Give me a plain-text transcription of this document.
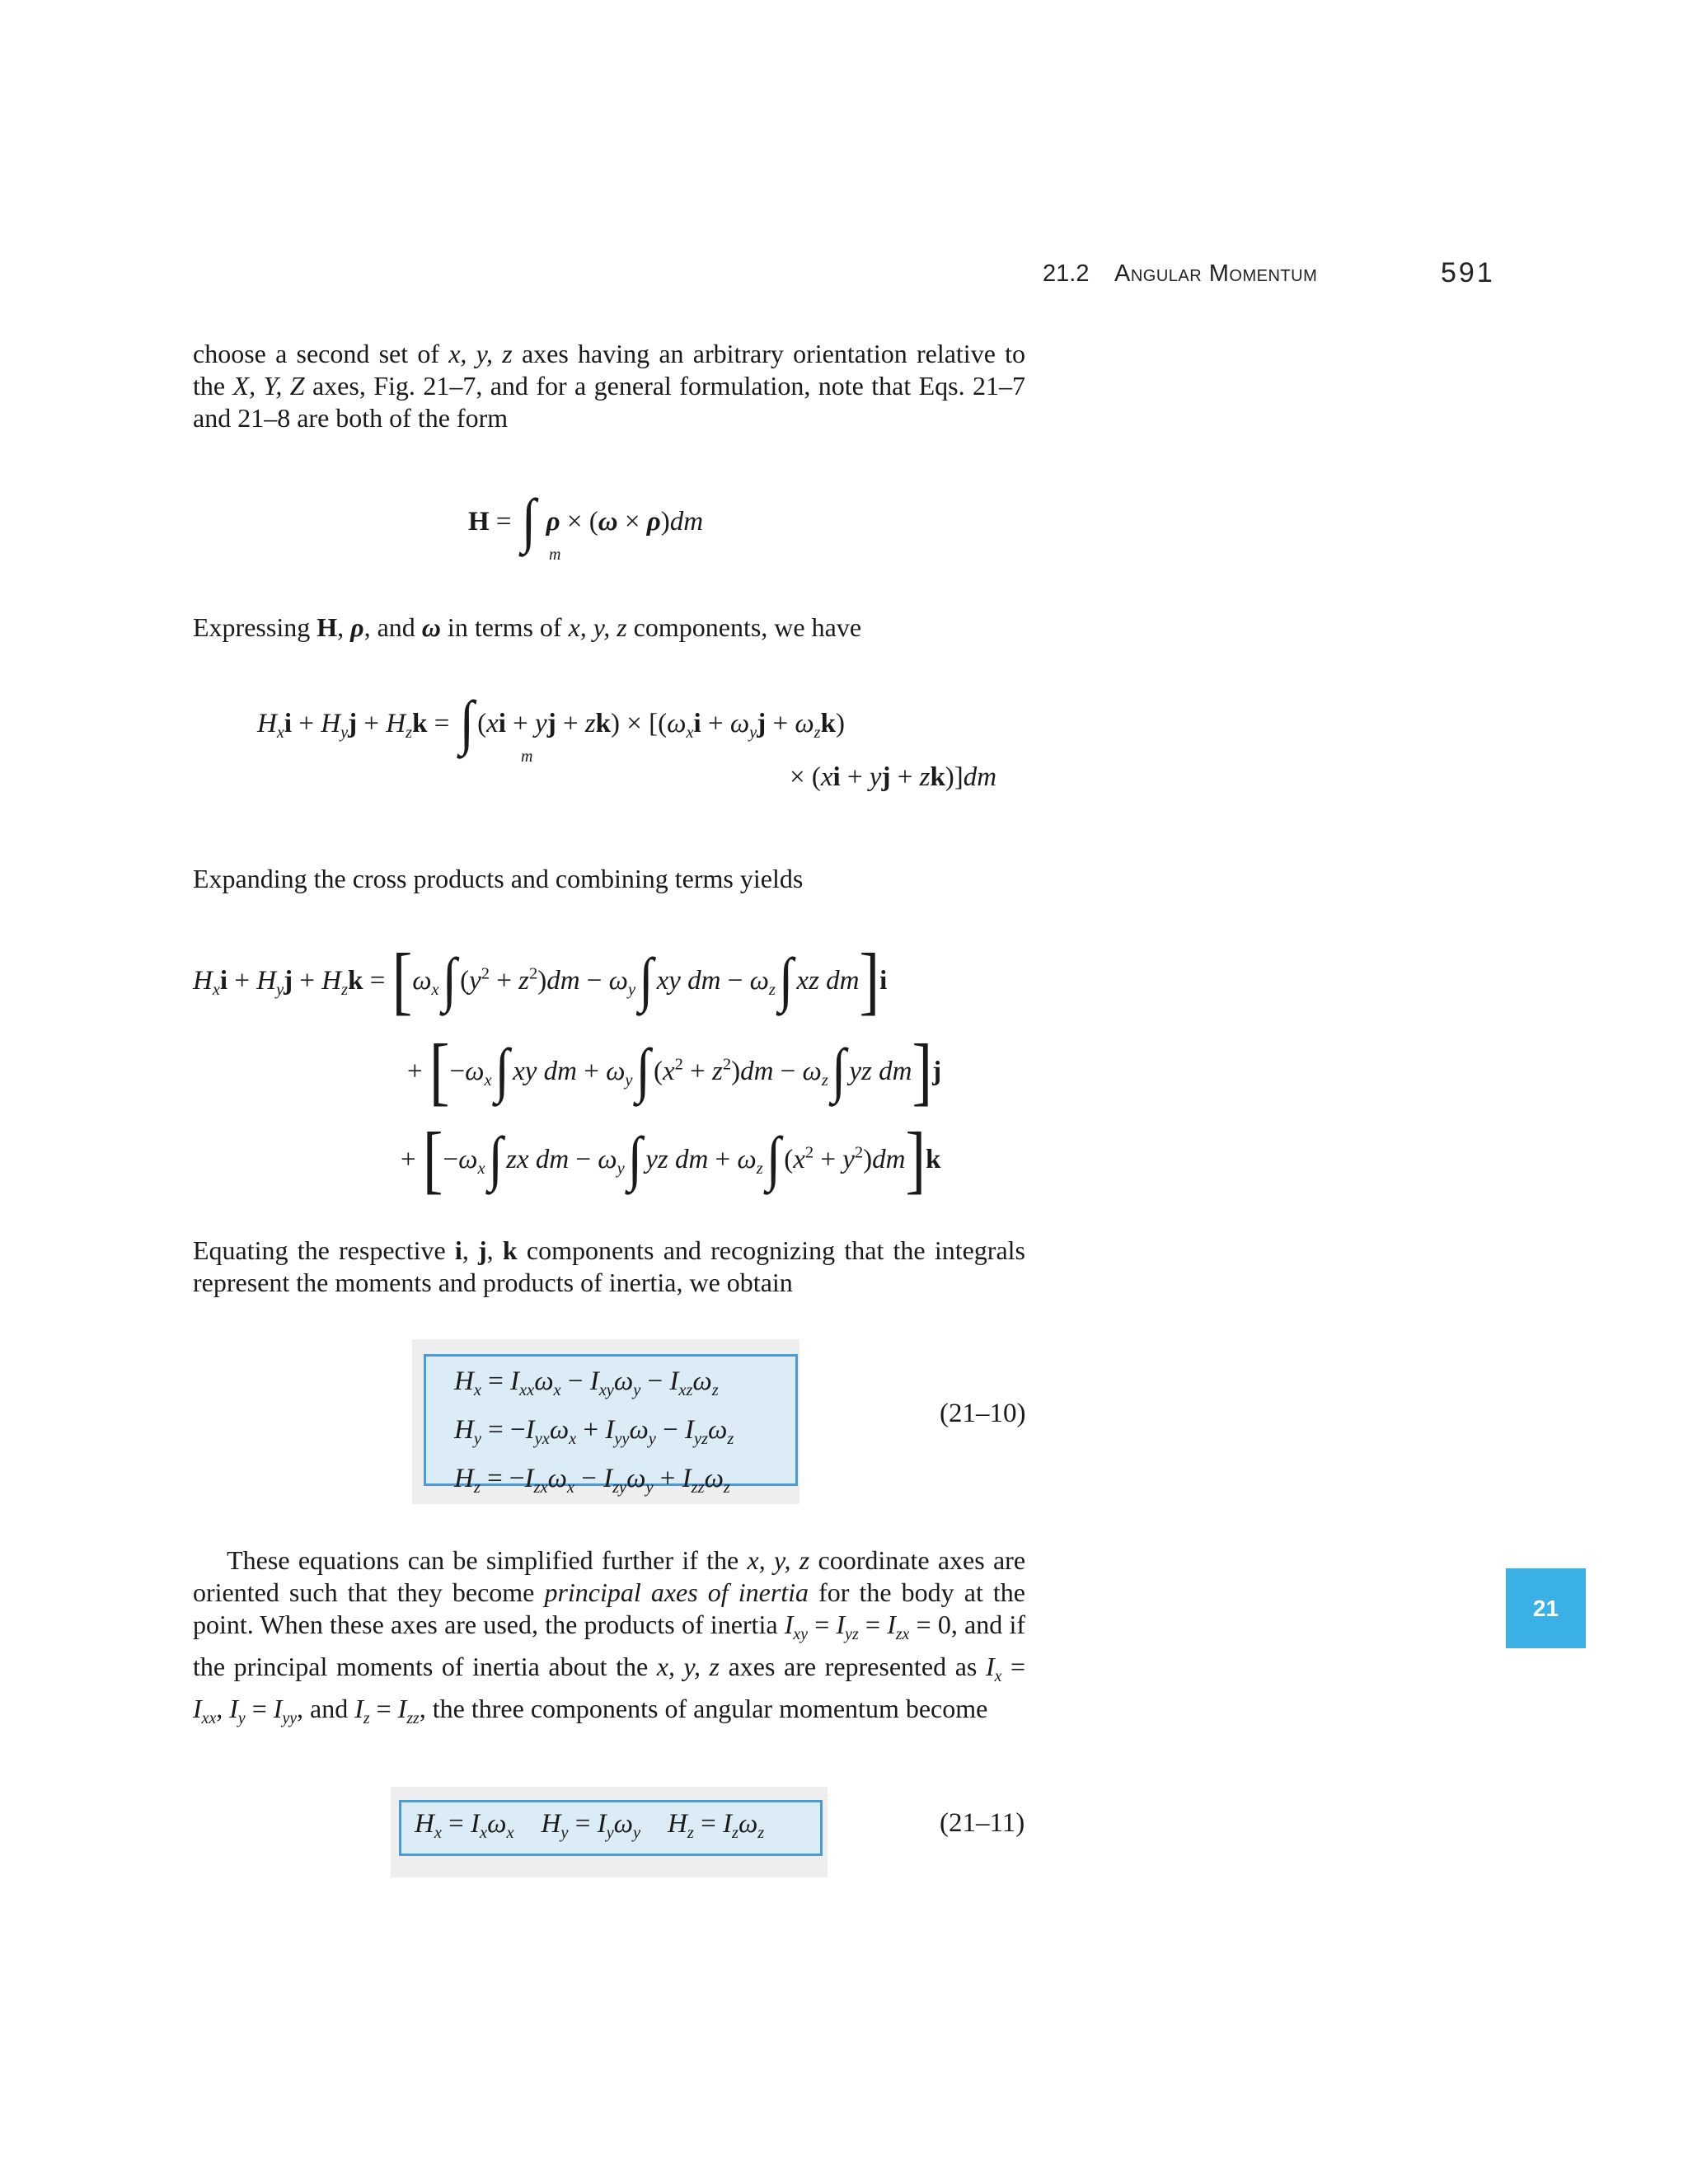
21.2 Angular Momentum	591

choose a second set of x, y, z axes having an arbitrary orientation relative to the X, Y, Z axes, Fig. 21–7, and for a general formulation, note that Eqs. 21–7 and 21–8 are both of the form

H = ∫
m
ρ × (ω × ρ)dm

Expressing H, ρ, and ω in terms of x, y, z components, we have

$H_xi + H_yj + H_zk$ = ∫
m
(xi + yj + $zk) \times [(\omega_xi + \omega_yj + \omega_zk)$
× (xi + yj + zk)]dm

Expanding the cross products and combining terms yields

$H_xi + H_yj + H_zk = [\omega_x\int$ $(y^2 + z^2)dm - \omega_y\int$ xy dm − $\omega_z\int$ xz dm]i
+ [$-\omega_x\int$ xy dm + $\omega_y\int$ $(x^2 + z^2)dm - \omega_z\int$ yz dm]j
+ [$-\omega_x\int$ zx dm − $\omega_y\int$ yz dm + $\omega_z\int$ $(x^2 + y^2)dm]k$

Equating the respective i, j, k components and recognizing that the integrals represent the moments and products of inertia, we obtain

$H_x = I_{xx}\omega_x - I_{xy}\omega_y - I_{xz}\omega_z$
$H_y = -I_{yx}\omega_x + I_{yy}\omega_y - I_{yz}\omega_z$
$H_z = -I_{zx}\omega_x - I_{zy}\omega_y + I_{zz}\omega_z$
(21–10)

These equations can be simplified further if the x, y, z coordinate axes are oriented such that they become principal axes of inertia for the body at the point. When these axes are used, the products of inertia $I_{xy} = I_{yz} = I_{zx} = 0$, and if the principal moments of inertia about the x, y, z axes are represented as $I_x = I_{xx}$, $I_y = I_{yy}$, and $I_z = I_{zz}$, the three components of angular momentum become

$H_x = I_x\omega_x$ $H_y = I_y\omega_y$ $H_z = I_z\omega_z$	(21–11)
21
